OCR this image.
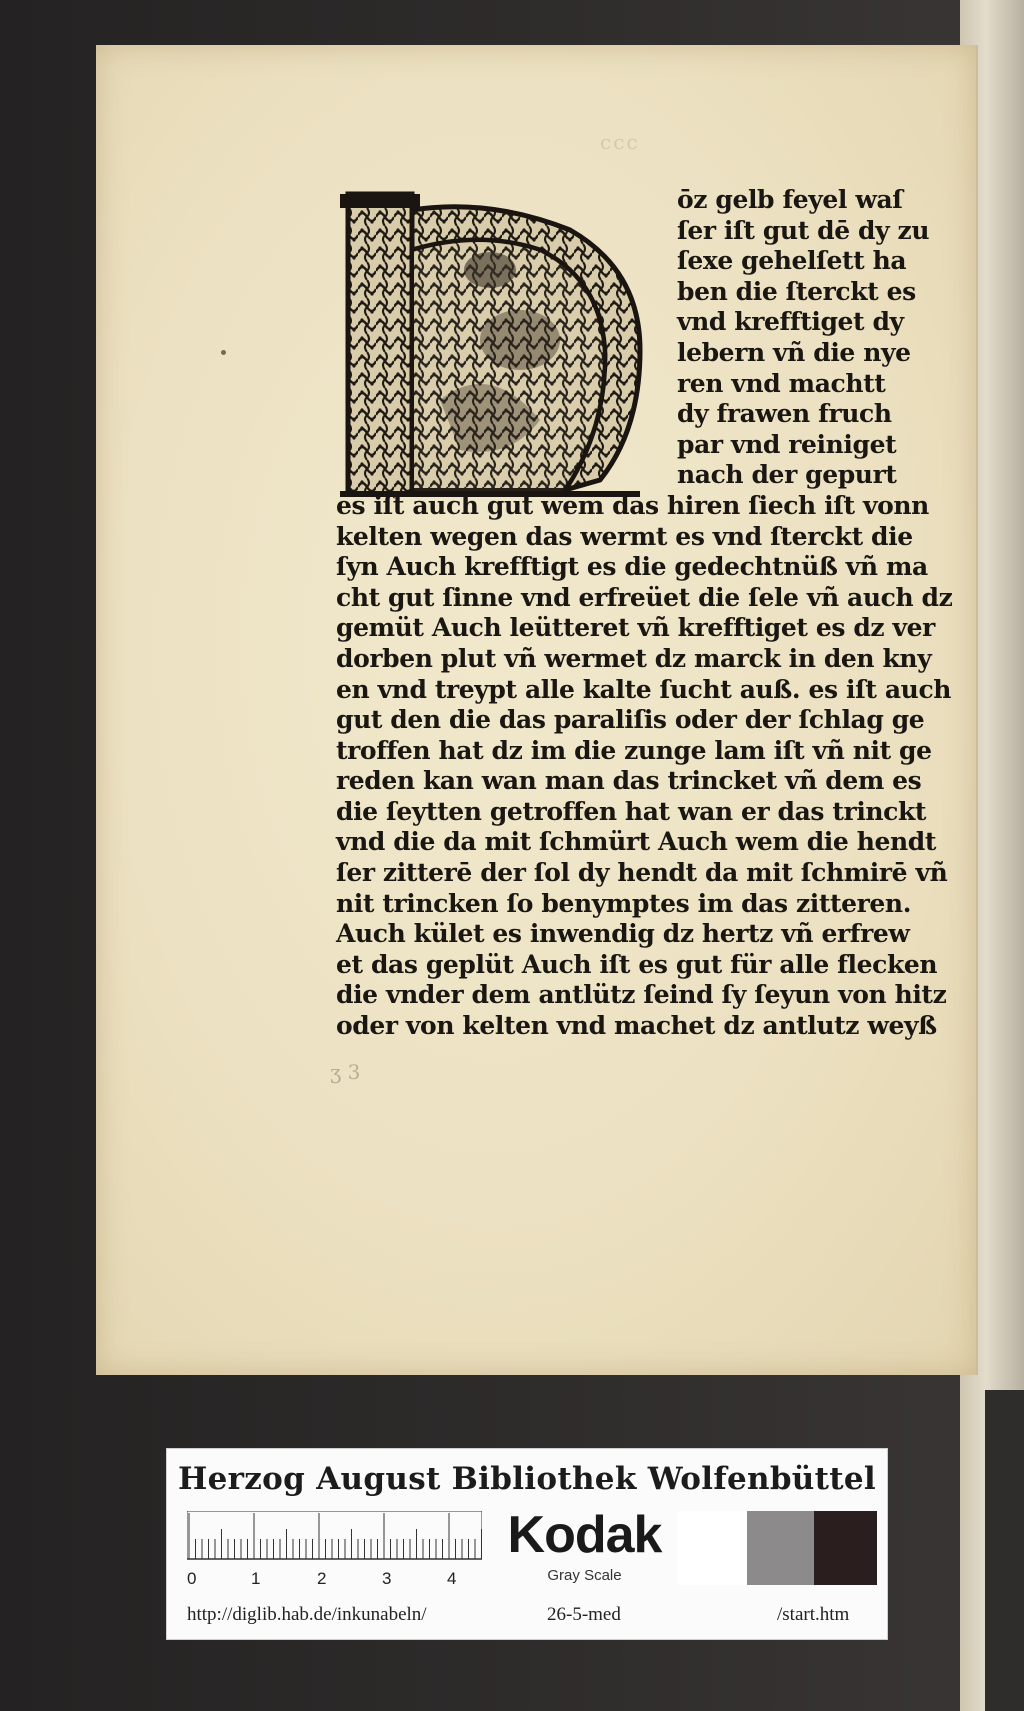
ccc
ōz gelb feyel waſ
ſer iſt gut dē dy zu
ſexe gehelſett ha
ben die ſterckt es
vnd krefftiget dy
lebern vñ die nye
ren vnd machtt
dy frawen fruch
par vnd reiniget
nach der gepurt
es iſt auch gut wem das hiren ſiech iſt vonn
kelten wegen das wermt es vnd ſterckt die
ſyn Auch krefftigt es die gedechtnüß vñ ma
cht gut ſinne vnd erfreüet die ſele vñ auch dz
gemüt Auch leütteret vñ krefftiget es dz ver
dorben plut vñ wermet dz marck in den kny
en vnd treypt alle kalte ſucht auß. es iſt auch
gut den die das paraliſis oder der ſchlag ge
troffen hat dz im die zunge lam iſt vñ nit ge
reden kan wan man das trincket vñ dem es
die ſeytten getroffen hat wan er das trinckt
vnd die da mit ſchmürt Auch wem die hendt
ſer zitterē der ſol dy hendt da mit ſchmirē vñ
nit trincken ſo benymptes im das zitteren.
Auch kület es inwendig dz hertz vñ erfrew
et das geplüt Auch iſt es gut für alle flecken
die vnder dem antlütz ſeind ſy ſeyun von hitz
oder von kelten vnd machet dz antlutz weyß
ʒ 3
Herzog August Bibliothek Wolfenbüttel
0	1	2	3	4
Kodak
Gray Scale
http://diglib.hab.de/inkunabeln/	26-5-med	/start.htm
